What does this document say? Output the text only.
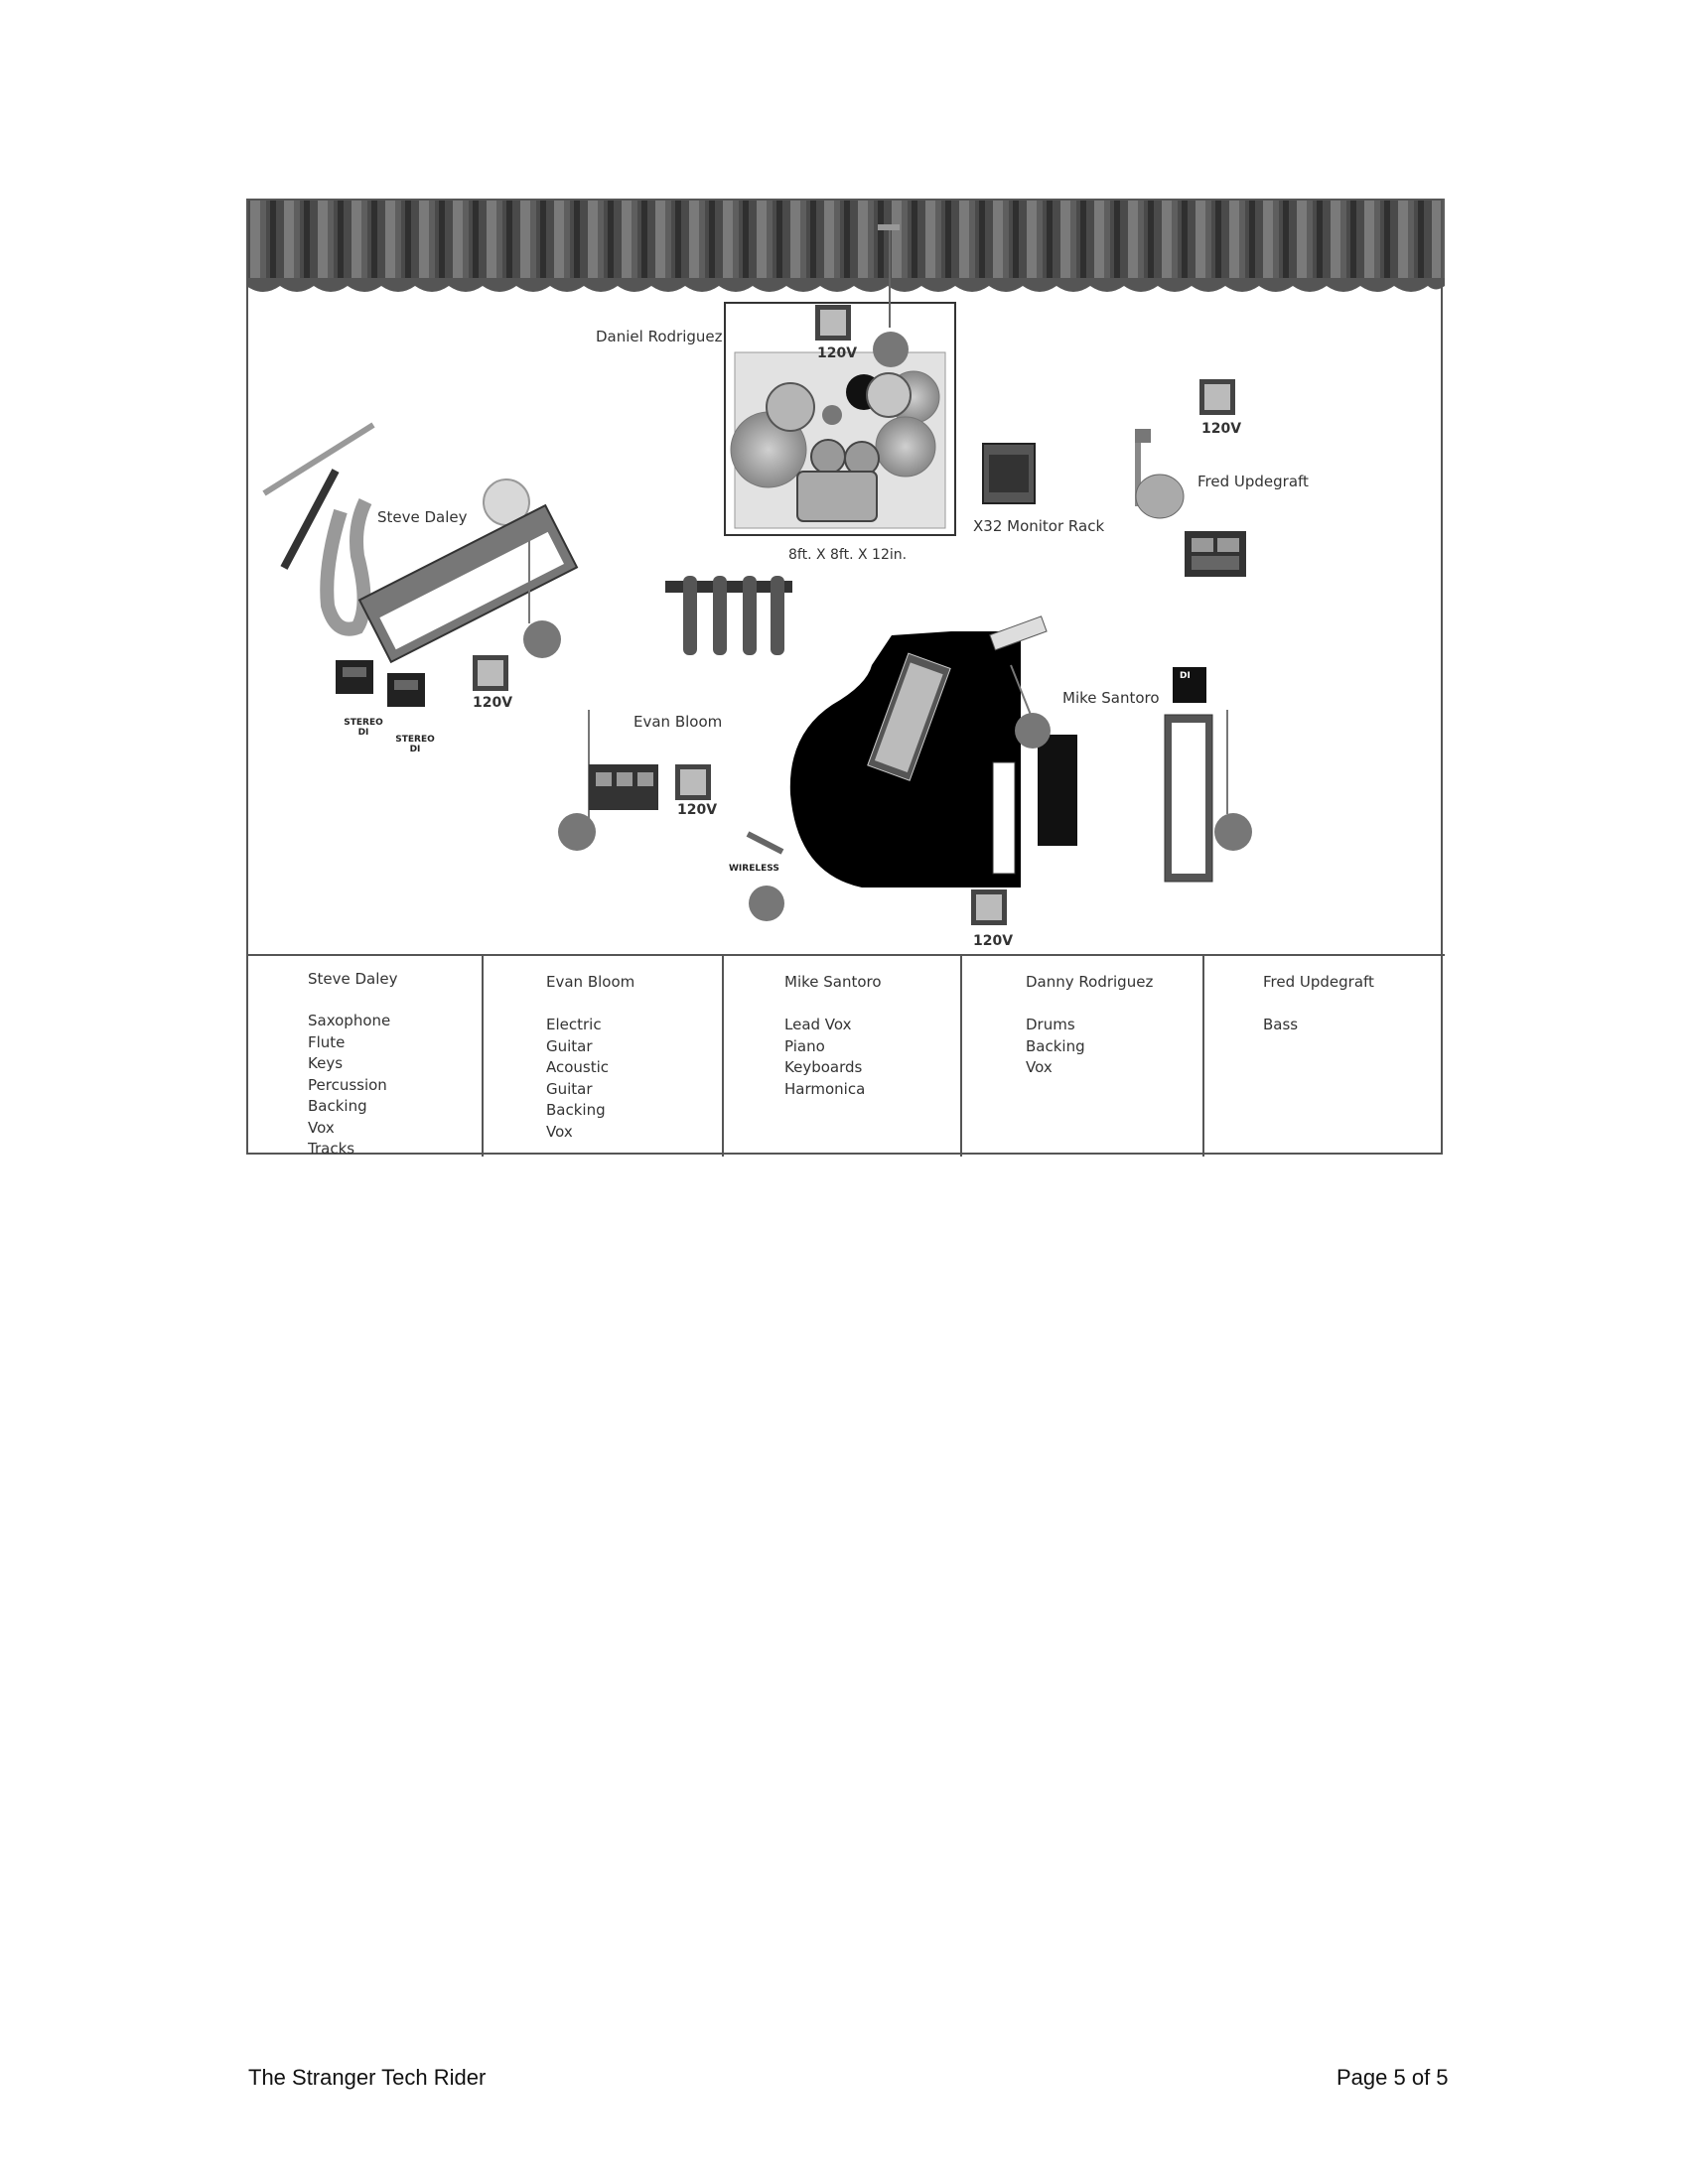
Daniel Rodriguez
Steve Daley
Evan Bloom
Mike Santoro
Fred Updegraft
8ft. X 8ft. X 12in.
X32 Monitor Rack
120V
120V
120V
120V
120V
STEREO DI
STEREO DI
WIRELESS
DI
Steve Daley
Saxophone
Flute
Keys
Percussion
Backing Vox
Tracks
Evan Bloom
Electric Guitar
Acoustic Guitar
Backing Vox
Mike Santoro
Lead Vox
Piano
Keyboards
Harmonica
Danny Rodriguez
Drums
Backing Vox
Fred Updegraft
Bass
The Stranger Tech Rider	Page 5 of 5
